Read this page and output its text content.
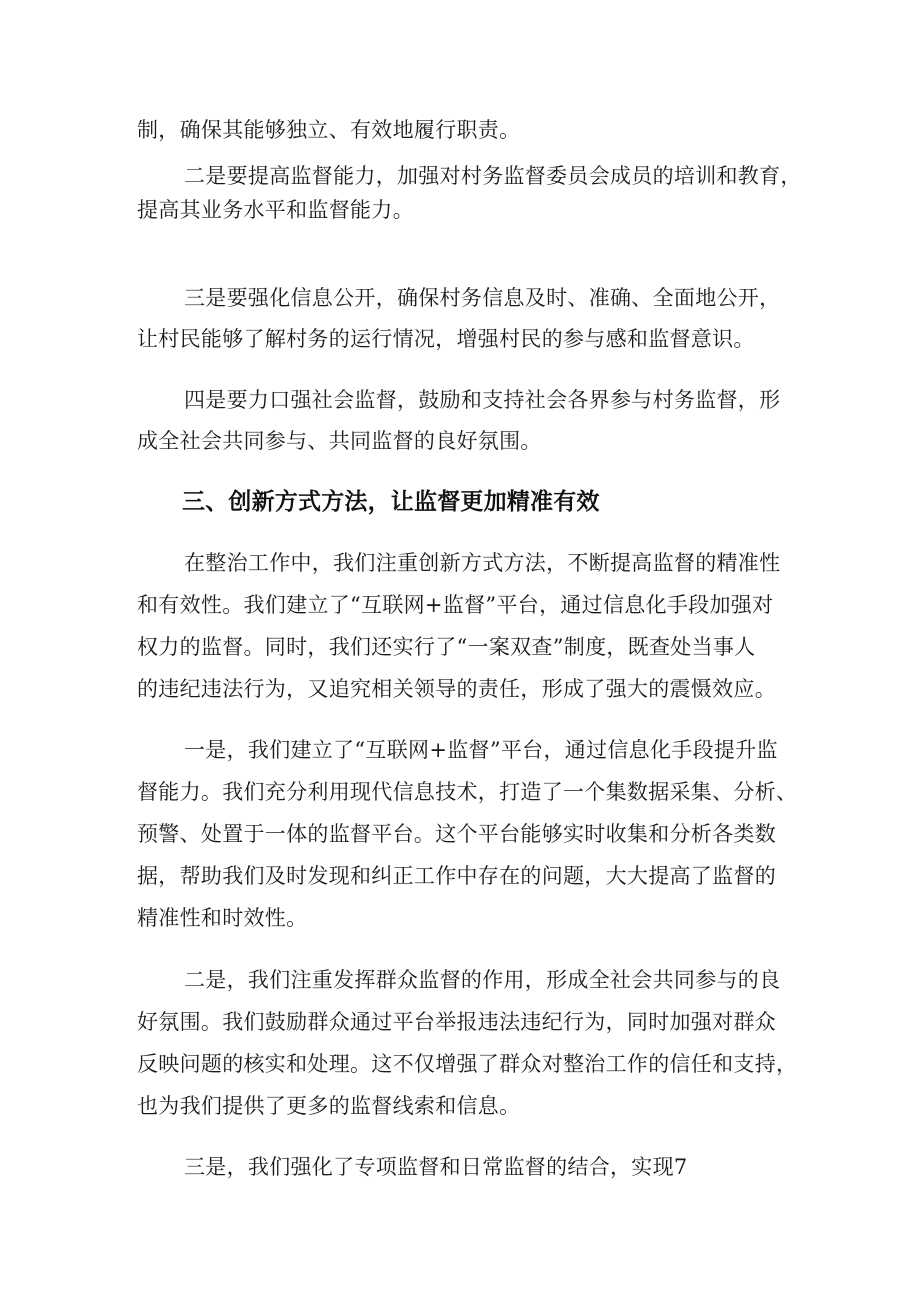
制，确保其能够独立、有效地履行职责。
二是要提高监督能力，加强对村务监督委员会成员的培训和教育，
提高其业务水平和监督能力。
三是要强化信息公开，确保村务信息及时、准确、全面地公开，
让村民能够了解村务的运行情况，增强村民的参与感和监督意识。
四是要力口强社会监督，鼓励和支持社会各界参与村务监督，形
成全社会共同参与、共同监督的良好氛围。
三、创新方式方法，让监督更加精准有效
在整治工作中，我们注重创新方式方法，不断提高监督的精准性
和有效性。我们建立了“互联网+监督”平台，通过信息化手段加强对
权力的监督。同时，我们还实行了“一案双查”制度，既查处当事人
的违纪违法行为，又追究相关领导的责任，形成了强大的震慑效应。
一是，我们建立了“互联网+监督”平台，通过信息化手段提升监
督能力。我们充分利用现代信息技术，打造了一个集数据采集、分析、
预警、处置于一体的监督平台。这个平台能够实时收集和分析各类数
据，帮助我们及时发现和纠正工作中存在的问题，大大提高了监督的
精准性和时效性。
二是，我们注重发挥群众监督的作用，形成全社会共同参与的良
好氛围。我们鼓励群众通过平台举报违法违纪行为，同时加强对群众
反映问题的核实和处理。这不仅增强了群众对整治工作的信任和支持，
也为我们提供了更多的监督线索和信息。
三是，我们强化了专项监督和日常监督的结合，实现7
